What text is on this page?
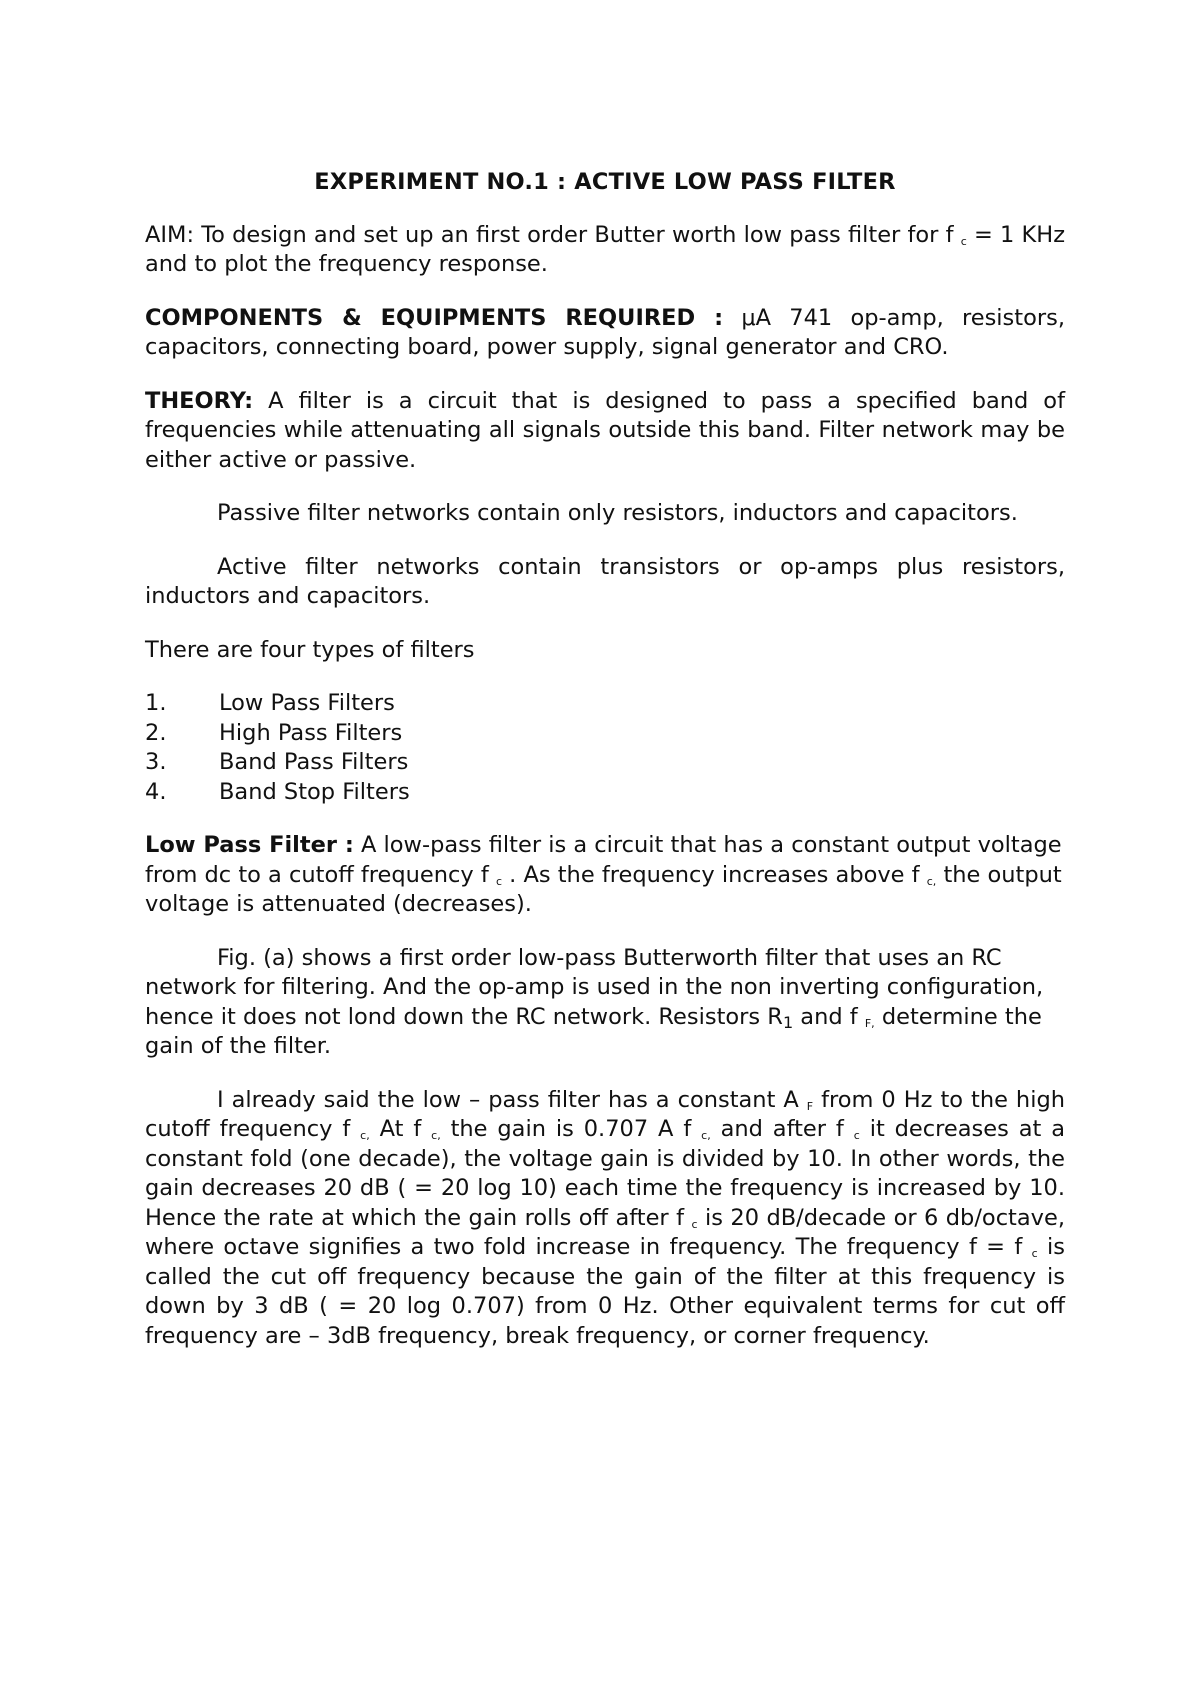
EXPERIMENT NO.1 : ACTIVE LOW PASS FILTER

AIM: To design and set up an first order Butter worth low pass filter for f $_c$ = 1 KHz and to plot the frequency response.

COMPONENTS & EQUIPMENTS REQUIRED : μA 741 op-amp, resistors, capacitors, connecting board, power supply, signal generator and CRO.

THEORY: A filter is a circuit that is designed to pass a specified band of frequencies while attenuating all signals outside this band. Filter network may be either active or passive.

Passive filter networks contain only resistors, inductors and capacitors.

Active filter networks contain transistors or op-amps plus resistors, inductors and capacitors.

There are four types of filters

1.	Low Pass Filters
2.	High Pass Filters
3.	Band Pass Filters
4.	Band Stop Filters

Low Pass Filter : A low-pass filter is a circuit that has a constant output voltage from dc to a cutoff frequency f $_c$ . As the frequency increases above f $_{c,}$ the output voltage is attenuated (decreases).

Fig. (a) shows a first order low-pass Butterworth filter that uses an RC network for filtering. And the op-amp is used in the non inverting configuration, hence it does not lond down the RC network. Resistors $R_1$ and f $_{F,}$ determine the gain of the filter.

I already said the low – pass filter has a constant A $_F$ from 0 Hz to the high cutoff frequency f $_{c,}$ At f $_{c,}$ the gain is 0.707 A f $_{c,}$ and after f $_c$ it decreases at a constant fold (one decade), the voltage gain is divided by 10. In other words, the gain decreases 20 dB ( = 20 log 10) each time the frequency is increased by 10. Hence the rate at which the gain rolls off after f $_c$ is 20 dB/decade or 6 db/octave, where octave signifies a two fold increase in frequency. The frequency f = f $_c$ is called the cut off frequency because the gain of the filter at this frequency is down by 3 dB ( = 20 log 0.707) from 0 Hz. Other equivalent terms for cut off frequency are – 3dB frequency, break frequency, or corner frequency.
